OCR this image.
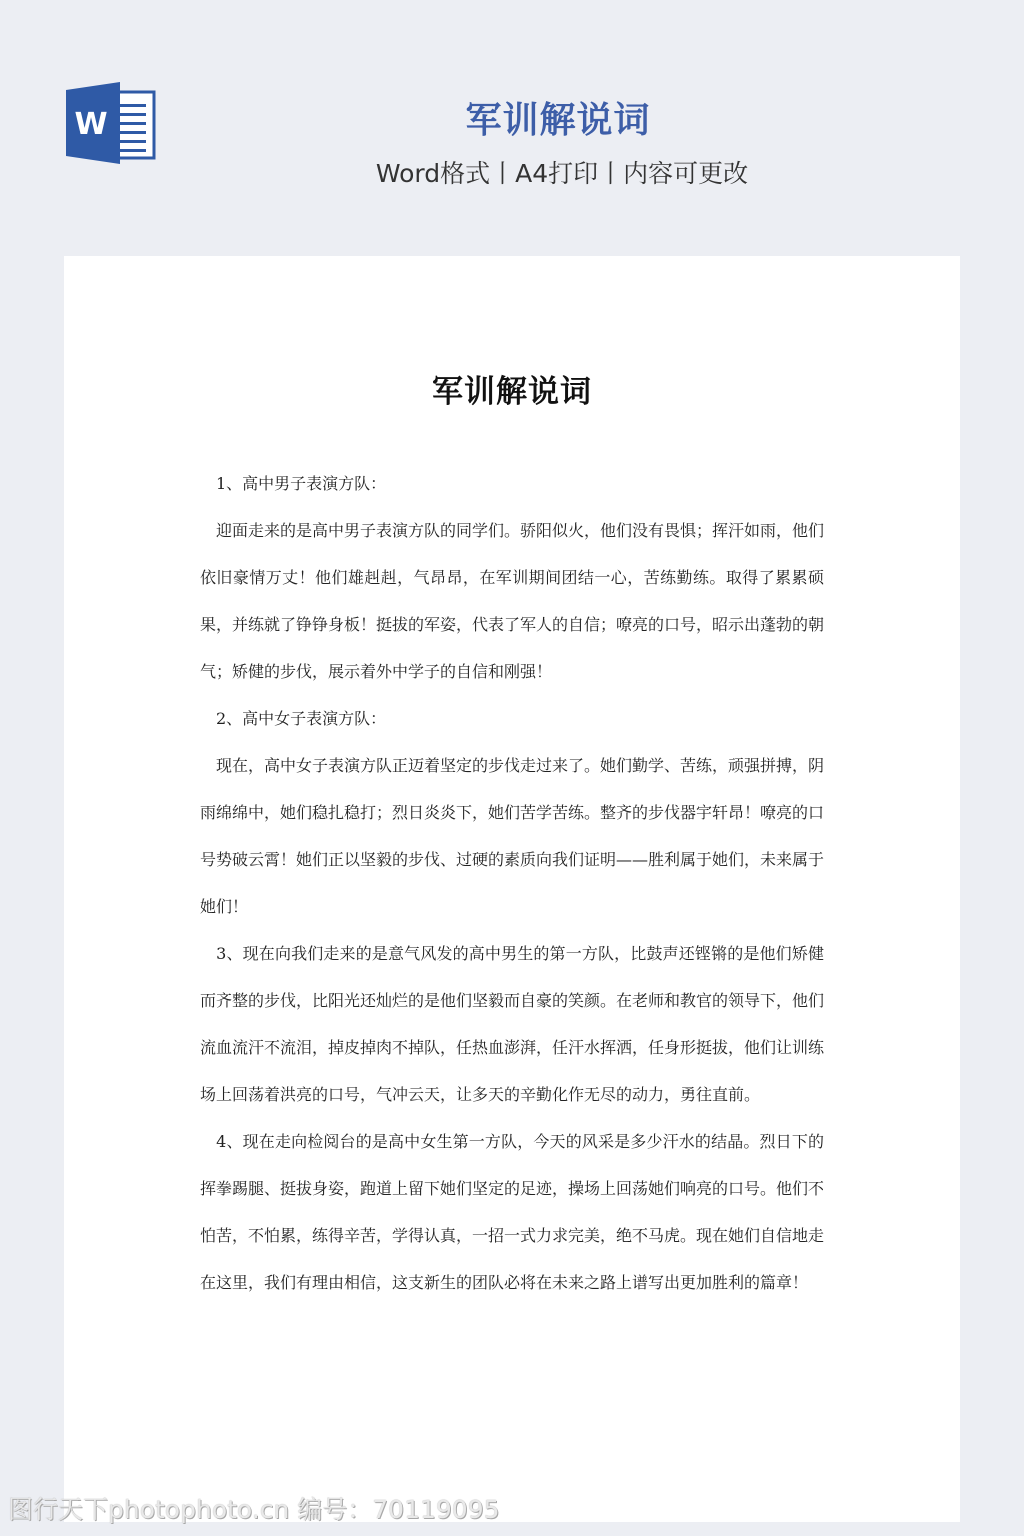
W	军训解说词
Word格式丨A4打印丨内容可更改
军训解说词

　1、高中男子表演方队：

　迎面走来的是高中男子表演方队的同学们。骄阳似火，他们没有畏惧；挥汗如雨，他们依旧豪情万丈！他们雄赳赳，气昂昂，在军训期间团结一心，苦练勤练。取得了累累硕果，并练就了铮铮身板！挺拔的军姿，代表了军人的自信；嘹亮的口号，昭示出蓬勃的朝气；矫健的步伐，展示着外中学子的自信和刚强！

　2、高中女子表演方队：

　现在，高中女子表演方队正迈着坚定的步伐走过来了。她们勤学、苦练，顽强拼搏，阴雨绵绵中，她们稳扎稳打；烈日炎炎下，她们苦学苦练。整齐的步伐器宇轩昂！嘹亮的口号势破云霄！她们正以坚毅的步伐、过硬的素质向我们证明——胜利属于她们，未来属于她们！

　3、现在向我们走来的是意气风发的高中男生的第一方队，比鼓声还铿锵的是他们矫健而齐整的步伐，比阳光还灿烂的是他们坚毅而自豪的笑颜。在老师和教官的领导下，他们流血流汗不流泪，掉皮掉肉不掉队，任热血澎湃，任汗水挥洒，任身形挺拔，他们让训练场上回荡着洪亮的口号，气冲云天，让多天的辛勤化作无尽的动力，勇往直前。

　4、现在走向检阅台的是高中女生第一方队，今天的风采是多少汗水的结晶。烈日下的挥拳踢腿、挺拔身姿，跑道上留下她们坚定的足迹，操场上回荡她们响亮的口号。他们不怕苦，不怕累，练得辛苦，学得认真，一招一式力求完美，绝不马虎。现在她们自信地走在这里，我们有理由相信，这支新生的团队必将在未来之路上谱写出更加胜利的篇章！

图行天下photophoto.cn 编号：70119095
